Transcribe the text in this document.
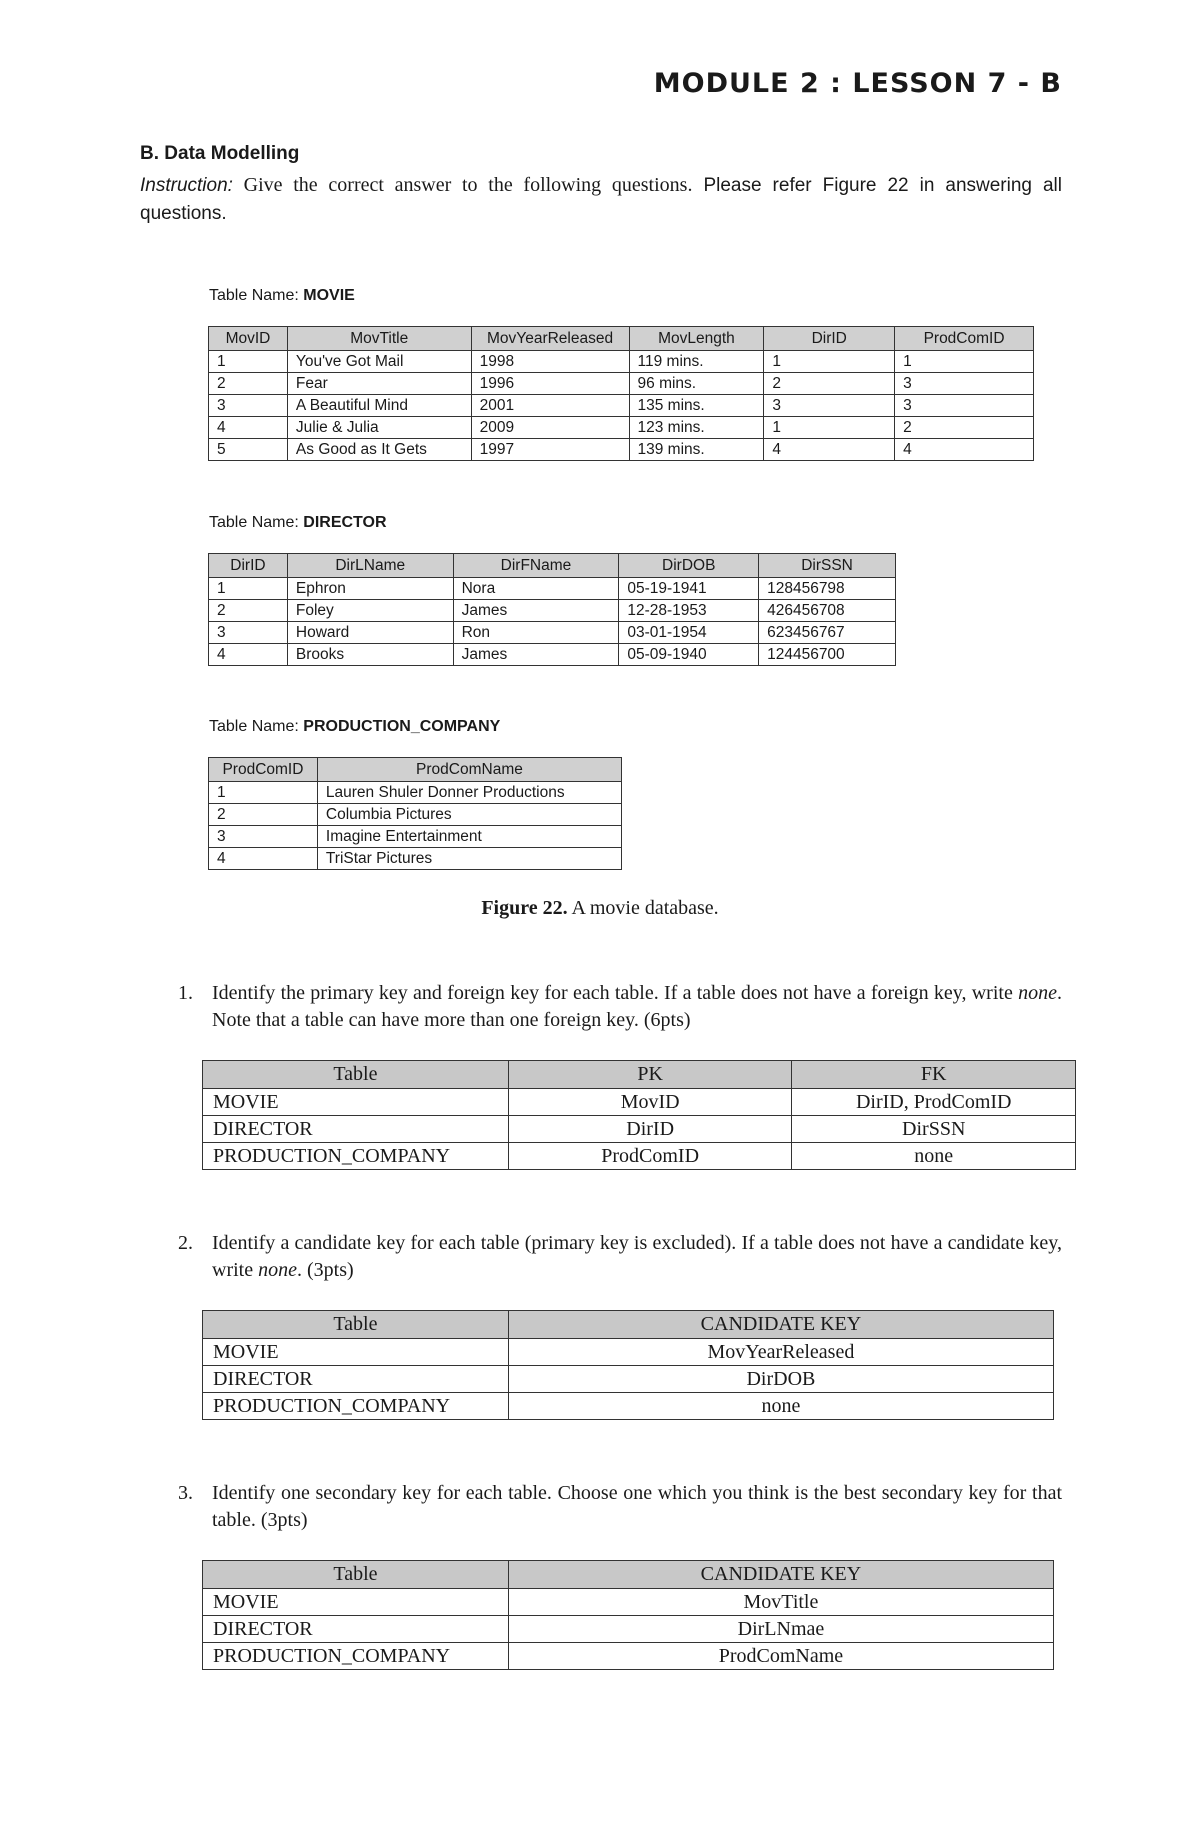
MODULE 2 : LESSON 7 - B
B. Data Modelling
Instruction: Give the correct answer to the following questions. Please refer Figure 22 in answering all questions.
Table Name: MOVIE
MovID	MovTitle	MovYearReleased	MovLength	DirID	ProdComID
1	You've Got Mail	1998	119 mins.	1	1
2	Fear	1996	96 mins.	2	3
3	A Beautiful Mind	2001	135 mins.	3	3
4	Julie & Julia	2009	123 mins.	1	2
5	As Good as It Gets	1997	139 mins.	4	4
Table Name: DIRECTOR
DirID	DirLName	DirFName	DirDOB	DirSSN
1	Ephron	Nora	05-19-1941	128456798
2	Foley	James	12-28-1953	426456708
3	Howard	Ron	03-01-1954	623456767
4	Brooks	James	05-09-1940	124456700
Table Name: PRODUCTION_COMPANY
ProdComID	ProdComName
1	Lauren Shuler Donner Productions
2	Columbia Pictures
3	Imagine Entertainment
4	TriStar Pictures
Figure 22. A movie database.
1. Identify the primary key and foreign key for each table. If a table does not have a foreign key, write none. Note that a table can have more than one foreign key. (6pts)
Table	PK	FK
MOVIE	MovID	DirID, ProdComID
DIRECTOR	DirID	DirSSN
PRODUCTION_COMPANY	ProdComID	none
2. Identify a candidate key for each table (primary key is excluded). If a table does not have a candidate key, write none. (3pts)
Table	CANDIDATE KEY
MOVIE	MovYearReleased
DIRECTOR	DirDOB
PRODUCTION_COMPANY	none
3. Identify one secondary key for each table. Choose one which you think is the best secondary key for that table. (3pts)
Table	CANDIDATE KEY
MOVIE	MovTitle
DIRECTOR	DirLNmae
PRODUCTION_COMPANY	ProdComName
